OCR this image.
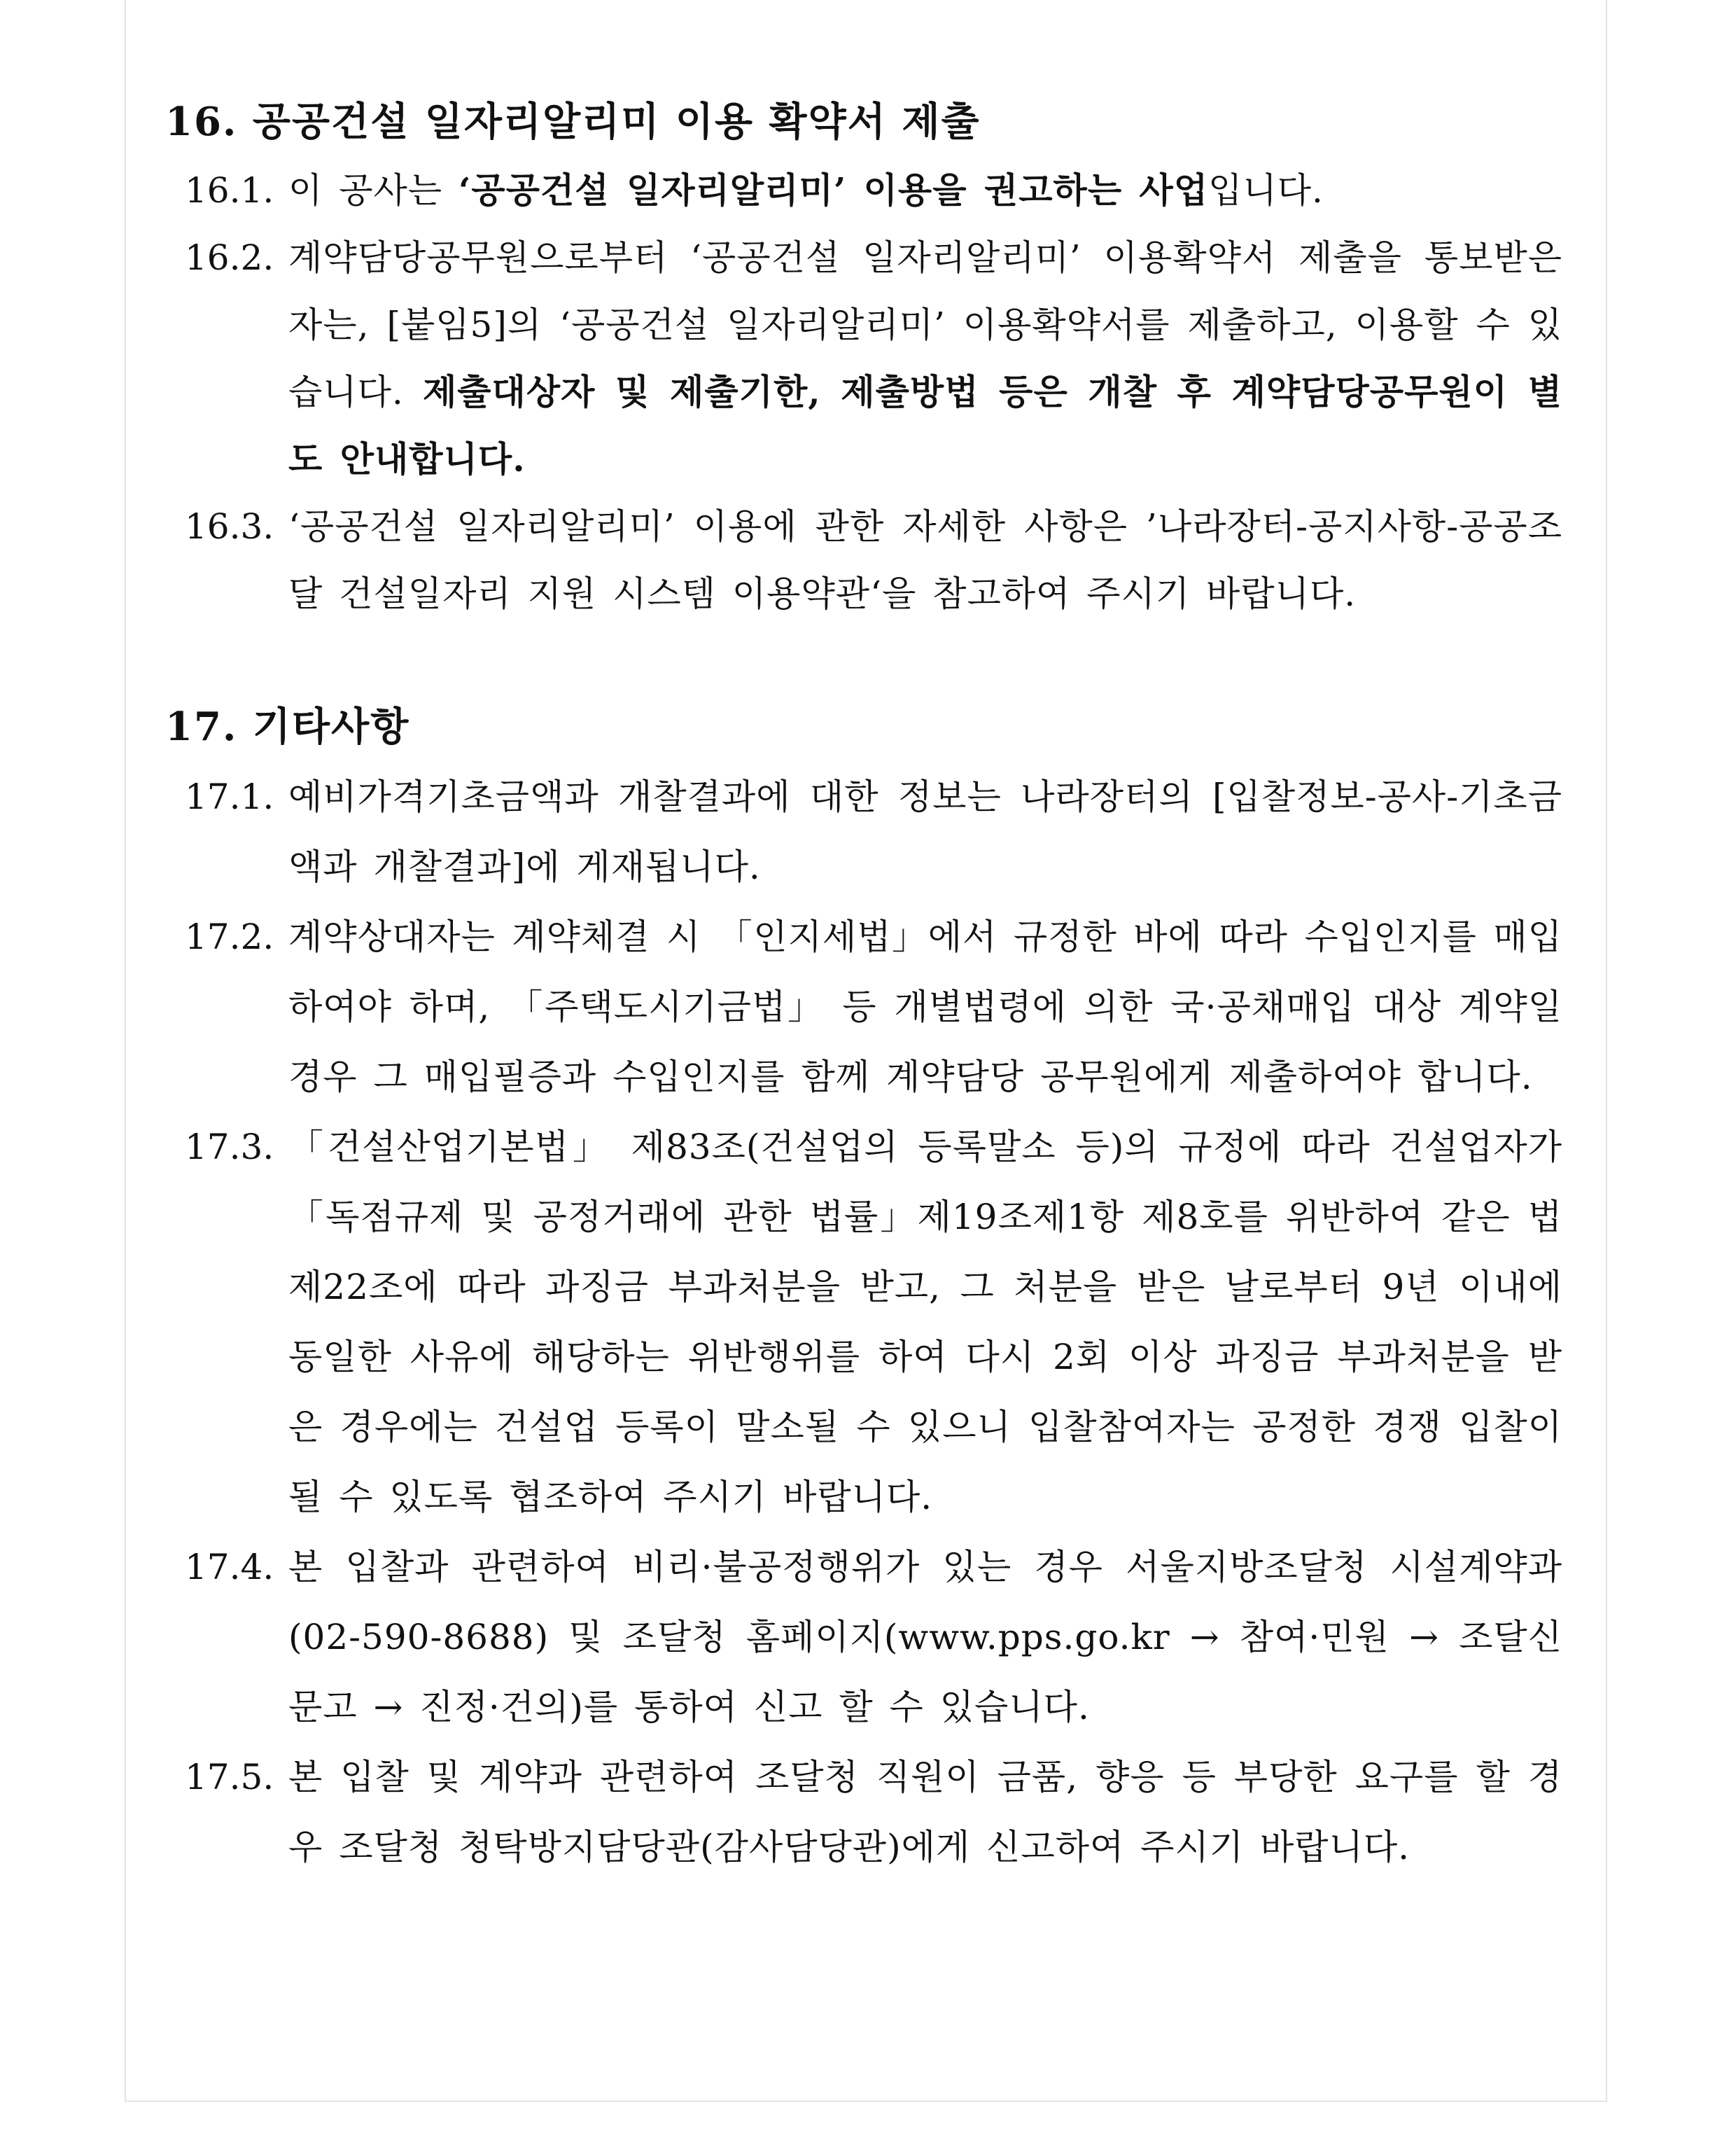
16. 공공건설 일자리알리미 이용 확약서 제출
16.1. 이 공사는 ‘공공건설 일자리알리미’ 이용을 권고하는 사업입니다.
16.2. 계약담당공무원으로부터 ‘공공건설 일자리알리미’ 이용확약서 제출을 통보받은 자는, [붙임5]의 ‘공공건설 일자리알리미’ 이용확약서를 제출하고, 이용할 수 있습니다. 제출대상자 및 제출기한, 제출방법 등은 개찰 후 계약담당공무원이 별도 안내합니다.
16.3. ‘공공건설 일자리알리미’ 이용에 관한 자세한 사항은 ’나라장터-공지사항-공공조달 건설일자리 지원 시스템 이용약관‘을 참고하여 주시기 바랍니다.
17. 기타사항
17.1. 예비가격기초금액과 개찰결과에 대한 정보는 나라장터의 [입찰정보-공사-기초금액과 개찰결과]에 게재됩니다.
17.2. 계약상대자는 계약체결 시 「인지세법」에서 규정한 바에 따라 수입인지를 매입하여야 하며, 「주택도시기금법」 등 개별법령에 의한 국·공채매입 대상 계약일 경우 그 매입필증과 수입인지를 함께 계약담당 공무원에게 제출하여야 합니다.
17.3. 「건설산업기본법」 제83조(건설업의 등록말소 등)의 규정에 따라 건설업자가 「독점규제 및 공정거래에 관한 법률」제19조제1항 제8호를 위반하여 같은 법 제22조에 따라 과징금 부과처분을 받고, 그 처분을 받은 날로부터 9년 이내에 동일한 사유에 해당하는 위반행위를 하여 다시 2회 이상 과징금 부과처분을 받은 경우에는 건설업 등록이 말소될 수 있으니 입찰참여자는 공정한 경쟁 입찰이 될 수 있도록 협조하여 주시기 바랍니다.
17.4. 본 입찰과 관련하여 비리·불공정행위가 있는 경우 서울지방조달청 시설계약과(02-590-8688) 및 조달청 홈페이지(www.pps.go.kr → 참여·민원 → 조달신문고 → 진정·건의)를 통하여 신고 할 수 있습니다.
17.5. 본 입찰 및 계약과 관련하여 조달청 직원이 금품, 향응 등 부당한 요구를 할 경우 조달청 청탁방지담당관(감사담당관)에게 신고하여 주시기 바랍니다.
